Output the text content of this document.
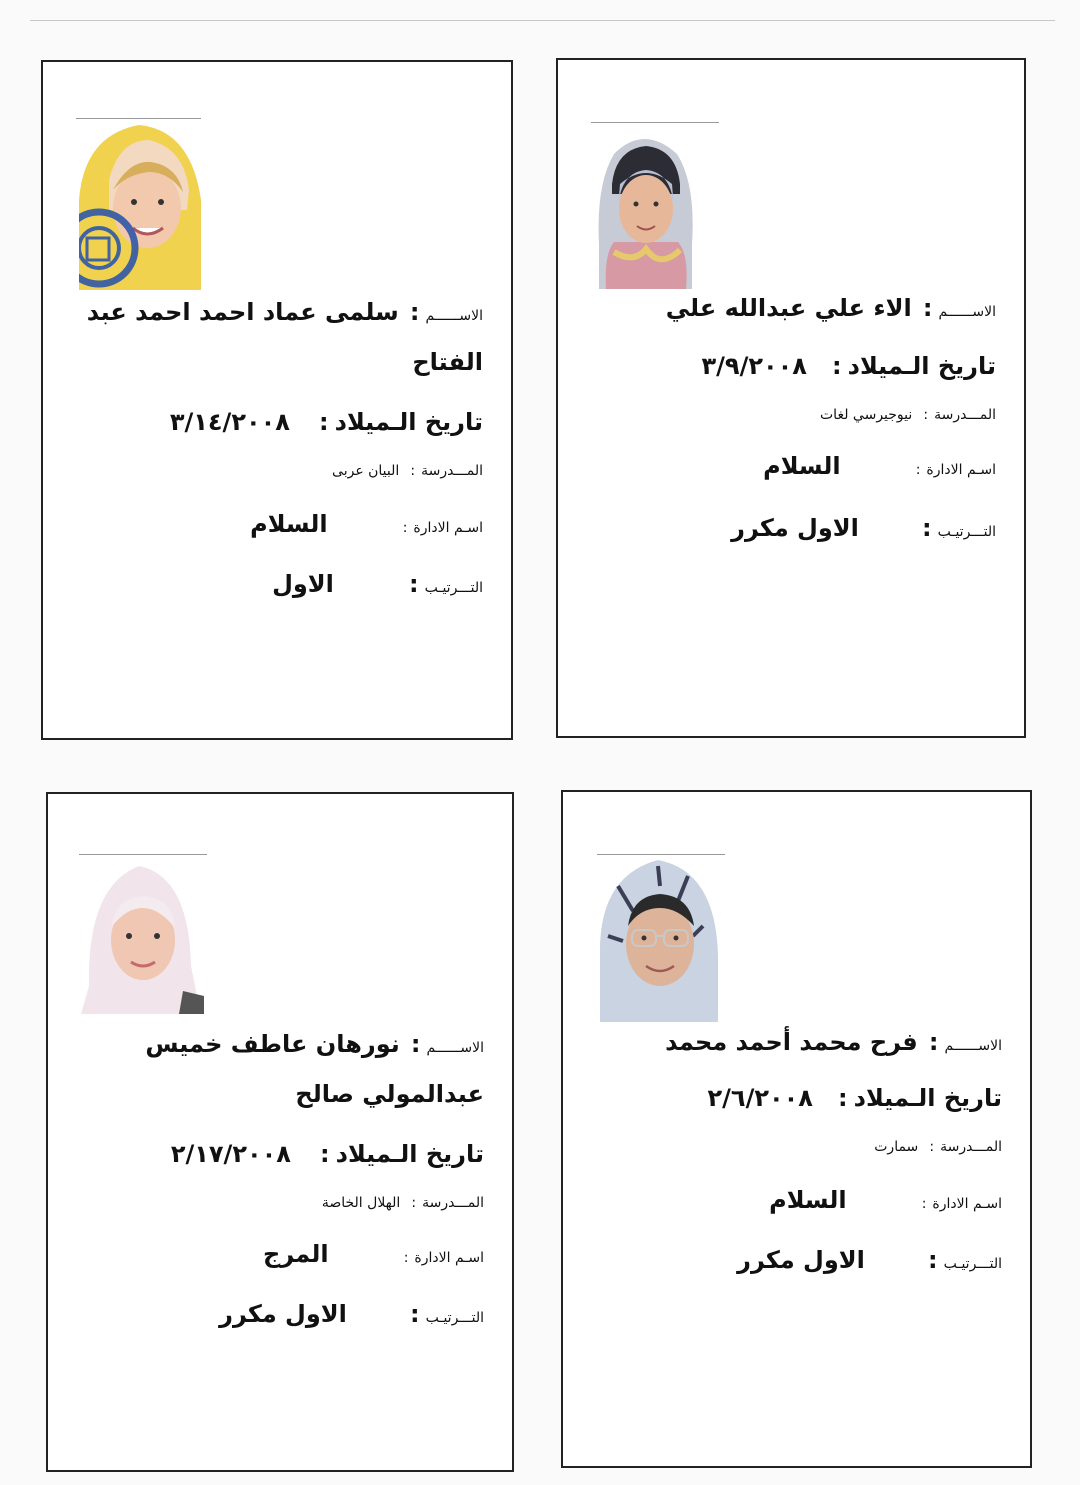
الاســــــم: الاء علي عبدالله علي
تاريخ الـميلاد: ٣/٩/٢٠٠٨
المـــدرسة: نيوجيرسي لغات
اسـم الادارة: السلام
التـــرتيـب: الاول مكرر
الاســــــم: سلمى عماد احمد احمد عبد
الفتاح
تاريخ الـميلاد: ٣/١٤/٢٠٠٨
المـــدرسة: البيان عربى
اسـم الادارة: السلام
التـــرتيـب: الاول
الاســــــم: فرح محمد أحمد محمد
تاريخ الـميلاد: ٢/٦/٢٠٠٨
المـــدرسة: سمارت
اسـم الادارة: السلام
التـــرتيـب: الاول مكرر
الاســــــم: نورهان عاطف خميس
عبدالمولي صالح
تاريخ الـميلاد: ٢/١٧/٢٠٠٨
المـــدرسة: الهلال الخاصة
اسـم الادارة: المرج
التـــرتيـب: الاول مكرر
